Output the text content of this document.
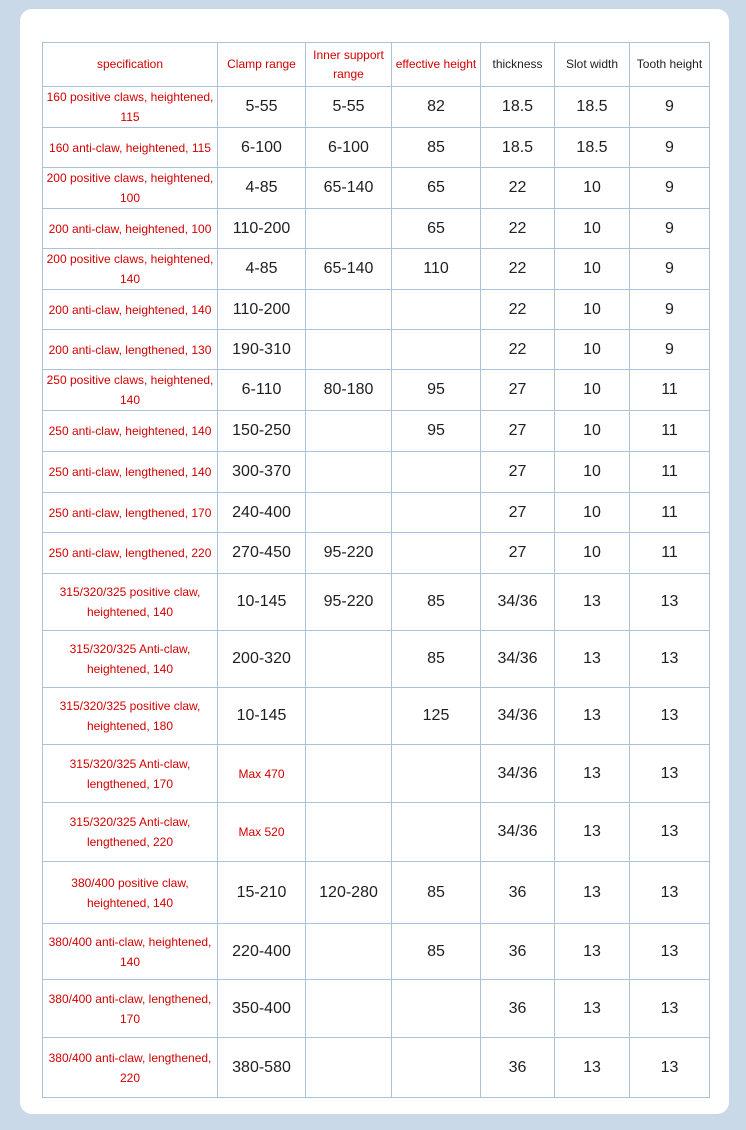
specification	Clamp range	Inner support range	effective height	thickness	Slot width	Tooth height
160 positive claws, heightened, 115	5-55	5-55	82	18.5	18.5	9
160 anti-claw, heightened, 115	6-100	6-100	85	18.5	18.5	9
200 positive claws, heightened, 100	4-85	65-140	65	22	10	9
200 anti-claw, heightened, 100	110-200		65	22	10	9
200 positive claws, heightened, 140	4-85	65-140	110	22	10	9
200 anti-claw, heightened, 140	110-200			22	10	9
200 anti-claw, lengthened, 130	190-310			22	10	9
250 positive claws, heightened, 140	6-110	80-180	95	27	10	11
250 anti-claw, heightened, 140	150-250		95	27	10	11
250 anti-claw, lengthened, 140	300-370			27	10	11
250 anti-claw, lengthened, 170	240-400			27	10	11
250 anti-claw, lengthened, 220	270-450	95-220		27	10	11
315/320/325 positive claw, heightened, 140	10-145	95-220	85	34/36	13	13
315/320/325 Anti-claw, heightened, 140	200-320		85	34/36	13	13
315/320/325 positive claw, heightened, 180	10-145		125	34/36	13	13
315/320/325 Anti-claw, lengthened, 170	Max 470			34/36	13	13
315/320/325 Anti-claw, lengthened, 220	Max 520			34/36	13	13
380/400 positive claw, heightened, 140	15-210	120-280	85	36	13	13
380/400 anti-claw, heightened, 140	220-400		85	36	13	13
380/400 anti-claw, lengthened, 170	350-400			36	13	13
380/400 anti-claw, lengthened, 220	380-580			36	13	13
